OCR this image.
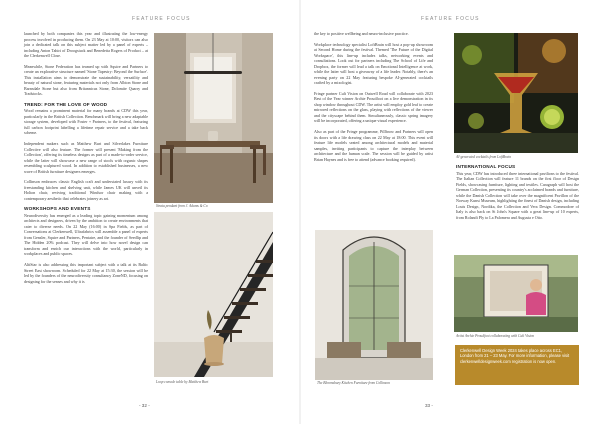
FEATURE FOCUS	FEATURE FOCUS

launched by both companies this year and illustrating the low-energy process involved in producing them. On 23 May at 10:00, visitors can also join a dedicated talk on this subject matter led by a panel of experts – including Anton Tahiri of Droogstuck and Benedetta Rogers of Product – at the Clerkenwell Close.

Meanwhile, Stone Federation has teamed up with Squire and Partners to create an explorative structure named 'Stone Tapestry: Beyond the Surface'. This installation aims to demonstrate the sustainability, versatility and beauty of natural stone, featuring materials not only from Albion Stone and Barnsdale Stone but also from Britannicus Stone, Dolomite Quarry and Tradstocks.

TREND: FOR THE LOVE OF WOOD

Wood remains a prominent material for many brands at CDW this year, particularly in the British Collection. Benchmark will bring a new adaptable storage system, developed with Foster + Partners, to the festival, featuring full carbon footprint labelling a lifetime repair service and a take back scheme.

Independent makers such as Matthew Burt and Silverlakes Furniture Collective will also feature. The former will present 'Making from the Collection', offering its timeless designs as part of a made-to-order service, while the latter will showcase a new range of stools with organic shapes resembling sculptured wood. In addition to established businesses, a new wave of British furniture designers emerges.

Collinson embraces classic English craft and understated luxury with its freestanding kitchen and shelving unit, while James UK will unveil its Holton chair, reviving traditional Windsor chair making with a contemporary aesthetic that celebrates joinery as art.

WORKSHOPS AND EVENTS

Neurodiversity has emerged as a leading topic gaining momentum among architects and designers, driven by the ambition to create environments that cater to diverse needs. On 22 May (16:00) in Spa Fields, as part of Conversations at Clerkenwell, Ultrafabrics will assemble a panel of experts from Gensler, Squire and Partners, Pentaire, and the founder of Seedlip and The Hidden 20% podcast. They will delve into how novel design can transform and enrich our interactions with the world, particularly in workplaces and public spaces.

AltiStar is also addressing this important subject with a talk at its Baltic Street East showroom. Scheduled for 22 May at 15:30, the session will be led by the founders of the neurodiversity consultancy ZoneND, focusing on designing for the senses and why it is

Strata pendant from J. Adams & Co
Loop console table by Matthew Burt
- 32 -

the key to positive wellbeing and neuro-inclusive practice.

Workplace technology specialist LoftBrain will host a pop-up showroom at Second Home during the festival. Themed 'The Future of the Digital Workspace', this line-up includes talks, networking events and consultations. Look out for partners including The School of Life and Dropbox, the former will lead a talk on Emotional Intelligence at work, while the latter will host a giveaway of a life leader. Notably, there's an evening party on 22 May featuring bespoke AI-generated cocktails crafted by a mixologist.

Fringe partner Cult Vision on Outwell Road will collaborate with 2023 Best of the Year winner Archie Proudfoot on a live demonstration in its shop window throughout CDW. The artist will employ gold leaf to create mirrored reflections on the glass, playing with reflections of the viewer and the cityscape behind them. Simultaneously, classic spring imagery will be incorporated, offering a unique visual experience.

Also as part of the Fringe programme, Pillbrow and Partners will open its doors with a life drawing class on 22 May at 18:00. This event will feature life models seated among architectural models and material samples, inviting participants to capture the interplay between architecture and the human scale. The session will be guided by artist Brian Haynes and is free to attend (advance booking required).

The Bloomsbury Kitchen Furniture from Collinson
AI-generated cocktails from LoftBrain
INTERNATIONAL FOCUS

This year, CDW has introduced three international pavilions to the festival. The Italian Collection will feature 11 brands on the first floor of Design Fields, showcasing furniture, lighting and textiles. Caragraph will host the German Collection, presenting its country's acclaimed brands and furniture, while the Danish Collection will take over the magnificent Pavillon of the Norway Kunst Museum, highlighting the finest of Danish design, including Louis Design, Nordika, the Collection and Vera Design. Commodore of Italy is also back on St John's Square with a great line-up of 10 experts, from Rolandi Ply to La Palomera and Augusta e Otto.

Artist Archie Proudfoot collaborating with Cult Vision
Clerkenwell Design Week 2024 takes place across EC1, London from 21 – 23 May. For more information, please visit clerkenwelldesignweek.com registration is now open.
33 -
